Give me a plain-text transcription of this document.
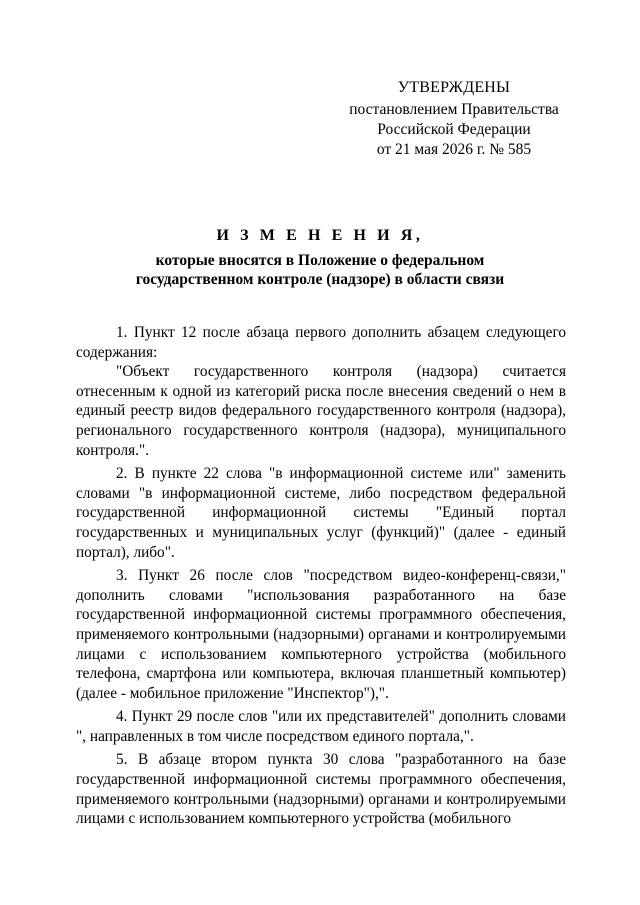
УТВЕРЖДЕНЫ
постановлением Правительства
Российской Федерации
от 21 мая 2026 г. № 585
И З М Е Н Е Н И Я,
которые вносятся в Положение о федеральном
государственном контроле (надзоре) в области связи

1. Пункт 12 после абзаца первого дополнить абзацем следующего содержания:

"Объект государственного контроля (надзора) считается отнесенным к одной из категорий риска после внесения сведений о нем в единый реестр видов федерального государственного контроля (надзора), регионального государственного контроля (надзора), муниципального контроля.".

2. В пункте 22 слова "в информационной системе или" заменить словами "в информационной системе, либо посредством федеральной государственной информационной системы "Единый портал государственных и муниципальных услуг (функций)" (далее - единый портал), либо".

3. Пункт 26 после слов "посредством видео-конференц-связи," дополнить словами "использования разработанного на базе государственной информационной системы программного обеспечения, применяемого контрольными (надзорными) органами и контролируемыми лицами с использованием компьютерного устройства (мобильного телефона, смартфона или компьютера, включая планшетный компьютер) (далее - мобильное приложение "Инспектор"),".

4. Пункт 29 после слов "или их представителей" дополнить словами ", направленных в том числе посредством единого портала,".

5. В абзаце втором пункта 30 слова "разработанного на базе государственной информационной системы программного обеспечения, применяемого контрольными (надзорными) органами и контролируемыми лицами с использованием компьютерного устройства (мобильного
